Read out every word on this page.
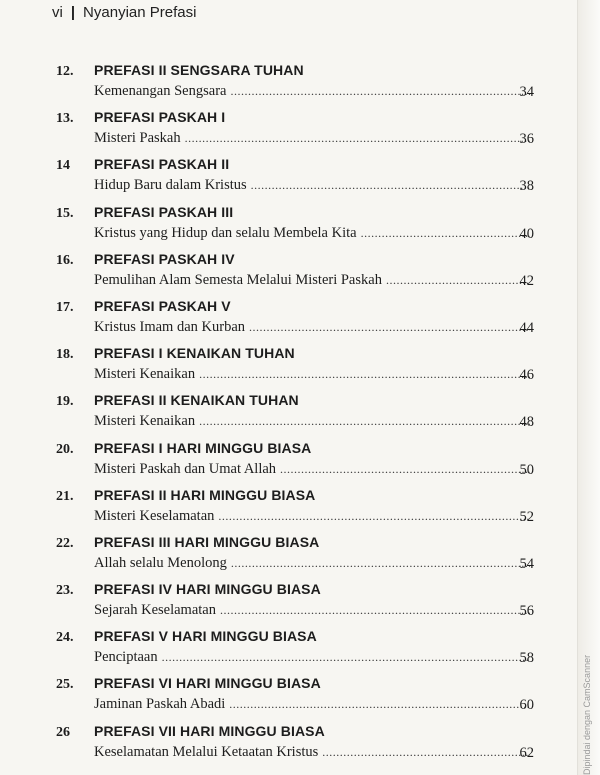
vi | Nyanyian Prefasi
12.	PREFASI II SENGSARA TUHAN
Kemenangan Sengsara .....	34
13.	PREFASI PASKAH I
Misteri Paskah .....	36
14	PREFASI PASKAH II
Hidup Baru dalam Kristus .....	38
15.	PREFASI PASKAH III
Kristus yang Hidup dan selalu Membela Kita .....	40
16.	PREFASI PASKAH IV
Pemulihan Alam Semesta Melalui Misteri Paskah .....	42
17.	PREFASI PASKAH V
Kristus Imam dan Kurban .....	44
18.	PREFASI I KENAIKAN TUHAN
Misteri Kenaikan .....	46
19.	PREFASI II KENAIKAN TUHAN
Misteri Kenaikan .....	48
20.	PREFASI I HARI MINGGU BIASA
Misteri Paskah dan Umat Allah .....	50
21.	PREFASI II HARI MINGGU BIASA
Misteri Keselamatan .....	52
22.	PREFASI III HARI MINGGU BIASA
Allah selalu Menolong .....	54
23.	PREFASI IV HARI MINGGU BIASA
Sejarah Keselamatan .....	56
24.	PREFASI V HARI MINGGU BIASA
Penciptaan .....	58
25.	PREFASI VI HARI MINGGU BIASA
Jaminan Paskah Abadi .....	60
26	PREFASI VII HARI MINGGU BIASA
Keselamatan Melalui Ketaatan Kristus .....	62	Dipindai dengan CamScanner
